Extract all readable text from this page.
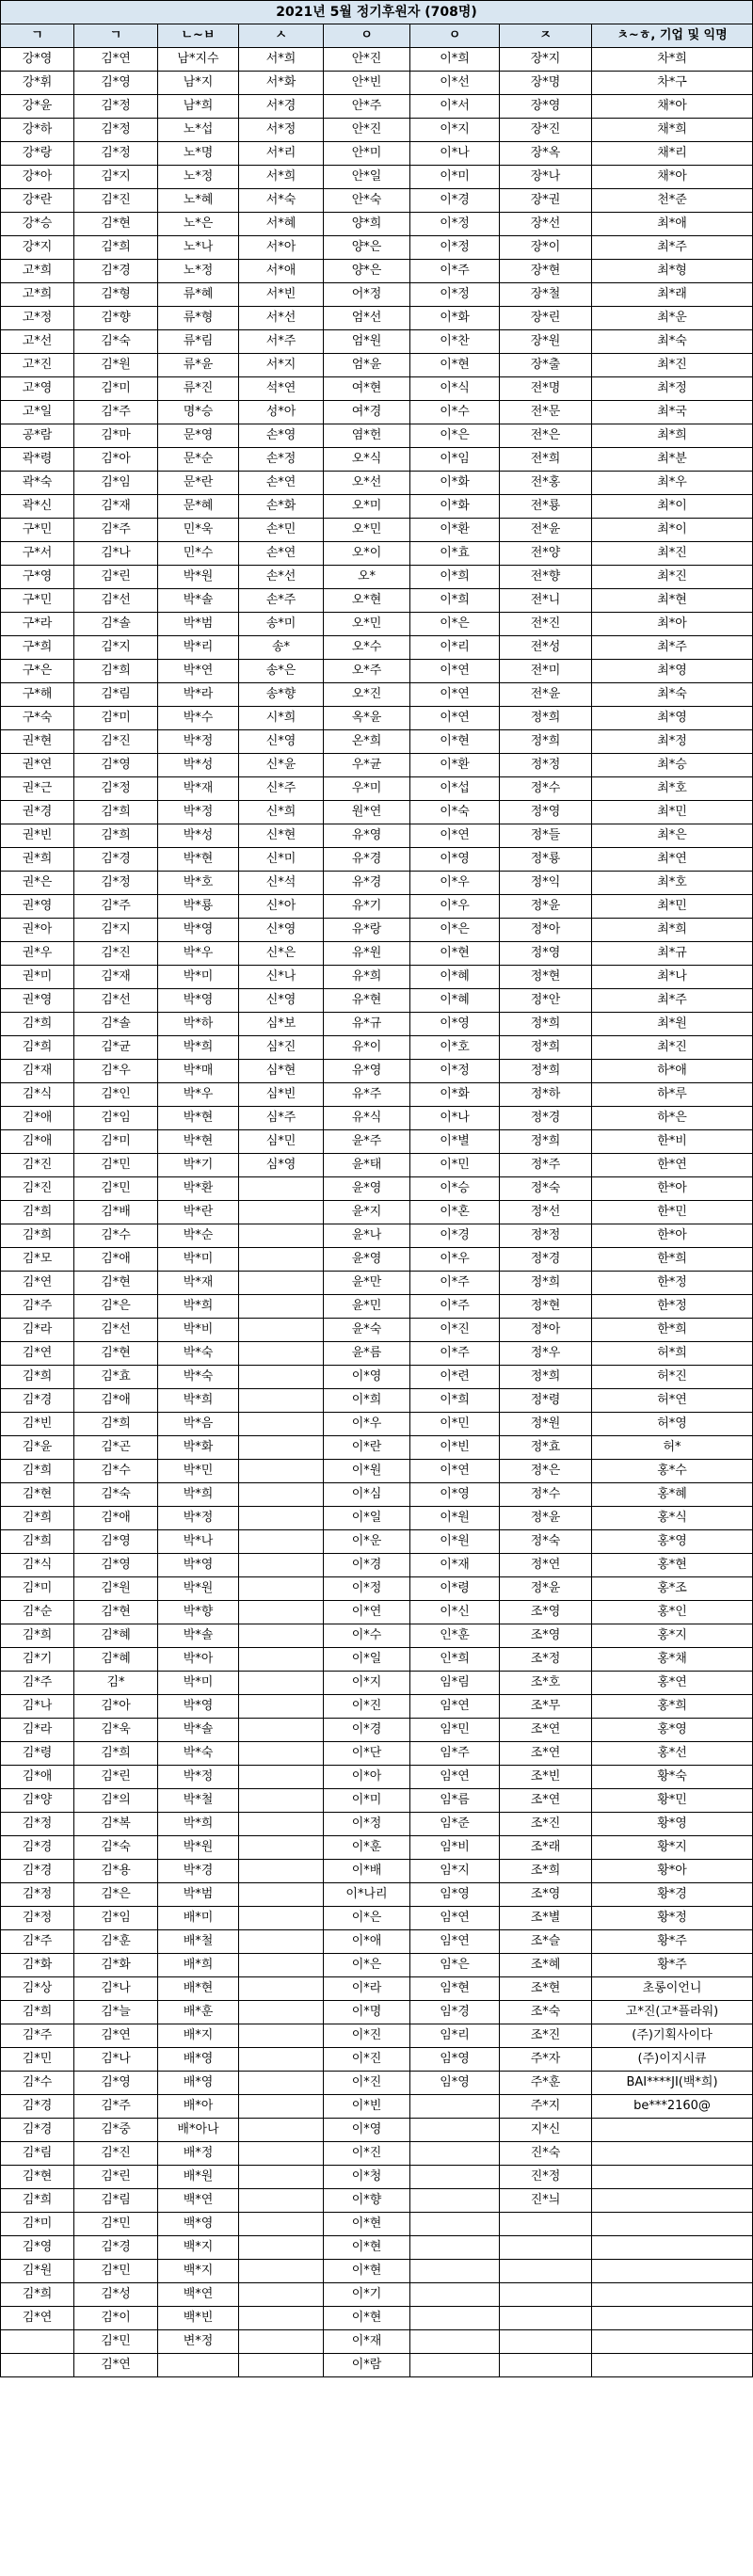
2021년 5월 정기후원자 (708명)							
ㄱ	ㄱ	ㄴ~ㅂ	ㅅ	ㅇ	ㅇ	ㅈ	ㅊ~ㅎ, 기업 및 익명
강*영	김*연	남*지수	서*희	안*진	이*희	장*지	차*희
강*휘	김*영	남*지	서*화	안*빈	이*선	장*명	차*구
강*윤	김*정	남*희	서*경	안*주	이*서	장*영	채*아
강*하	김*정	노*섭	서*정	안*진	이*지	장*진	채*희
강*랑	김*정	노*명	서*리	안*미	이*나	장*옥	채*리
강*아	김*지	노*정	서*희	안*일	이*미	장*나	채*아
강*란	김*진	노*혜	서*숙	안*숙	이*경	장*권	천*준
강*승	김*현	노*은	서*혜	양*희	이*정	장*선	최*애
강*지	김*희	노*나	서*아	양*은	이*정	장*이	최*주
고*희	김*경	노*정	서*애	양*은	이*주	장*현	최*형
고*희	김*형	류*혜	서*빈	어*정	이*정	장*철	최*래
고*정	김*향	류*형	서*선	엄*선	이*화	장*린	최*운
고*선	김*숙	류*림	서*주	엄*원	이*찬	장*원	최*숙
고*진	김*원	류*윤	서*지	엄*윤	이*현	장*출	최*진
고*영	김*미	류*진	석*연	여*현	이*식	전*명	최*정
고*일	김*주	명*승	성*아	여*경	이*수	전*문	최*국
공*람	김*마	문*영	손*영	염*헌	이*은	전*은	최*희
곽*령	김*아	문*순	손*정	오*식	이*임	전*희	최*분
곽*숙	김*임	문*란	손*연	오*선	이*화	전*홍	최*우
곽*신	김*재	문*혜	손*화	오*미	이*화	전*룡	최*이
구*민	김*주	민*욱	손*민	오*민	이*환	전*윤	최*이
구*서	김*나	민*수	손*연	오*이	이*효	전*양	최*진
구*영	김*린	박*원	손*선	오*	이*희	전*향	최*진
구*민	김*선	박*솔	손*주	오*현	이*희	전*니	최*현
구*라	김*솔	박*범	송*미	오*민	이*은	전*진	최*아
구*희	김*지	박*리	송*	오*수	이*리	전*성	최*주
구*은	김*희	박*연	송*은	오*주	이*연	전*미	최*영
구*해	김*림	박*라	송*향	오*진	이*연	전*윤	최*숙
구*숙	김*미	박*수	시*희	옥*윤	이*연	정*희	최*영
권*현	김*진	박*정	신*영	온*희	이*현	정*희	최*정
권*연	김*영	박*성	신*윤	우*균	이*환	정*정	최*승
권*근	김*정	박*재	신*주	우*미	이*섭	정*수	최*호
권*경	김*희	박*정	신*희	원*연	이*숙	정*영	최*민
권*빈	김*희	박*성	신*현	유*영	이*연	정*들	최*은
권*희	김*경	박*현	신*미	유*경	이*영	정*룡	최*연
권*은	김*정	박*호	신*석	유*경	이*우	정*익	최*호
권*영	김*주	박*룡	신*아	유*기	이*우	정*윤	최*민
권*아	김*지	박*영	신*영	유*랑	이*은	정*아	최*희
권*우	김*진	박*우	신*은	유*원	이*현	정*영	최*규
권*미	김*재	박*미	신*나	유*희	이*혜	정*현	최*나
권*영	김*선	박*영	신*영	유*현	이*혜	정*안	최*주
김*희	김*솔	박*하	심*보	유*규	이*영	정*희	최*원
김*희	김*균	박*희	심*진	유*이	이*호	정*희	최*진
김*재	김*우	박*매	심*현	유*영	이*정	정*희	하*애
김*식	김*인	박*우	심*빈	유*주	이*화	정*하	하*루
김*애	김*임	박*현	심*주	유*식	이*나	정*경	하*은
김*애	김*미	박*현	심*민	윤*주	이*별	정*희	한*비
김*진	김*민	박*기	심*영	윤*태	이*민	정*주	한*연
김*진	김*민	박*환		윤*영	이*승	정*숙	한*아
김*희	김*배	박*란		윤*지	이*혼	정*선	한*민
김*희	김*수	박*순		윤*나	이*경	정*정	한*아
김*모	김*애	박*미		윤*영	이*우	정*경	한*희
김*연	김*현	박*재		윤*만	이*주	정*희	한*정
김*주	김*은	박*희		윤*민	이*주	정*현	한*정
김*라	김*선	박*비		윤*숙	이*진	정*아	한*희
김*연	김*현	박*숙		윤*름	이*주	정*우	허*희
김*희	김*효	박*숙		이*영	이*련	정*희	허*진
김*경	김*애	박*희		이*희	이*희	정*령	허*연
김*빈	김*희	박*음		이*우	이*민	정*원	허*영
김*윤	김*곤	박*화		이*란	이*빈	정*효	허*
김*희	김*수	박*민		이*원	이*연	정*은	홍*수
김*현	김*숙	박*희		이*심	이*영	정*수	홍*혜
김*희	김*애	박*정		이*일	이*원	정*윤	홍*식
김*희	김*영	박*나		이*운	이*원	정*숙	홍*영
김*식	김*영	박*영		이*경	이*재	정*연	홍*현
김*미	김*원	박*원		이*정	이*령	정*윤	홍*조
김*순	김*현	박*향		이*연	이*신	조*영	홍*인
김*희	김*혜	박*솔		이*수	인*훈	조*영	홍*지
김*기	김*혜	박*아		이*일	인*희	조*정	홍*채
김*주	김*	박*미		이*지	임*림	조*호	홍*연
김*나	김*아	박*영		이*진	임*연	조*무	홍*희
김*라	김*욱	박*솔		이*경	임*민	조*연	홍*영
김*령	김*희	박*숙		이*단	임*주	조*연	홍*선
김*애	김*린	박*정		이*아	임*연	조*빈	황*숙
김*양	김*의	박*철		이*미	임*름	조*연	황*민
김*정	김*복	박*희		이*정	임*준	조*진	황*영
김*경	김*숙	박*원		이*훈	임*비	조*래	황*지
김*경	김*용	박*경		이*배	임*지	조*희	황*아
김*정	김*은	박*범		이*나리	임*영	조*영	황*경
김*정	김*임	배*미		이*은	임*연	조*별	황*정
김*주	김*훈	배*철		이*애	임*연	조*슬	황*주
김*화	김*화	배*희		이*은	임*은	조*혜	황*주
김*상	김*나	배*현		이*라	임*현	조*현	초롱이언니
김*희	김*늘	배*훈		이*명	임*경	조*숙	고*진(고*플라워)
김*주	김*연	배*지		이*진	임*리	조*진	(주)기획사이다
김*민	김*나	배*영		이*진	임*영	주*자	(주)이지시큐
김*수	김*영	배*영		이*진	임*영	주*훈	BAI****JI(백*희)
김*경	김*주	배*아		이*빈		주*지	be***2160@
김*경	김*중	배*아나		이*영		지*신	
김*림	김*진	배*정		이*진		진*숙	
김*현	김*린	배*원		이*청		진*정	
김*희	김*림	백*연		이*향		진*늬	
김*미	김*민	백*영		이*현			
김*영	김*경	백*지		이*현			
김*원	김*민	백*지		이*현			
김*희	김*성	백*연		이*기			
김*연	김*이	백*빈		이*현			
	김*민	변*정		이*재			
	김*연			이*람			
